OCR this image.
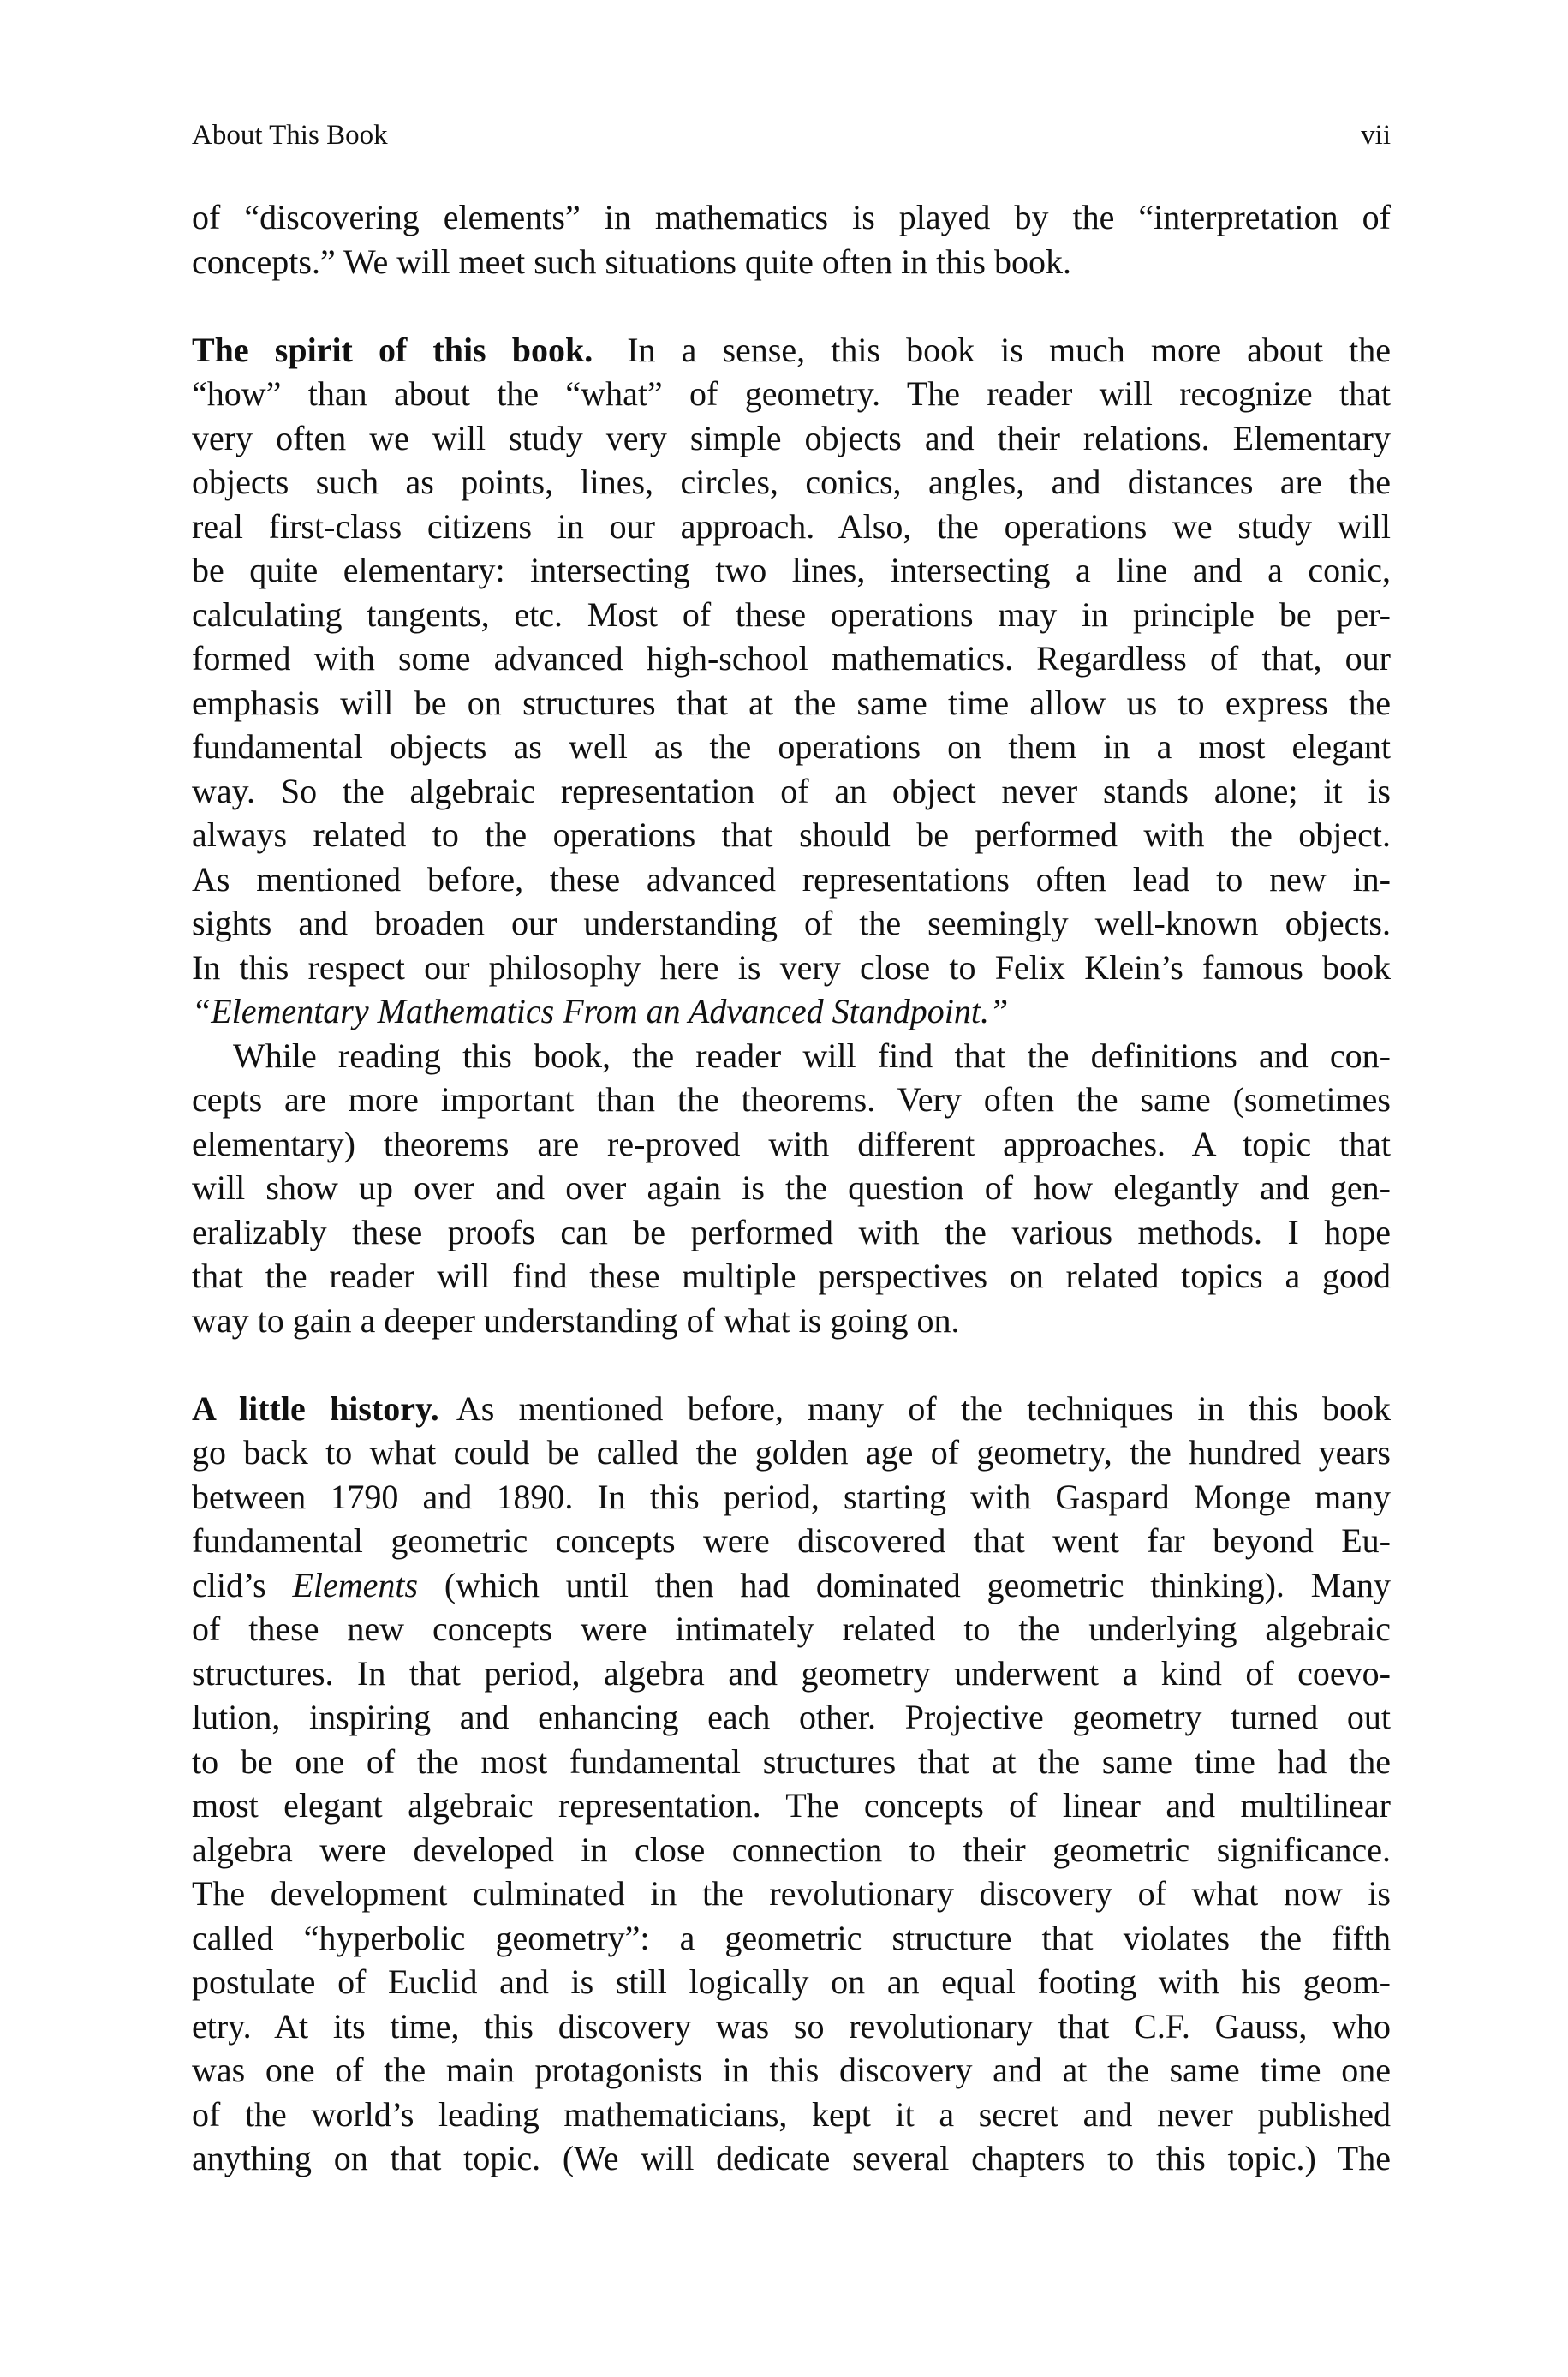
About This Book	vii
of “discovering elements” in mathematics is played by the “interpretation of
concepts.” We will meet such situations quite often in this book.
The spirit of this book. In a sense, this book is much more about the
“how” than about the “what” of geometry. The reader will recognize that
very often we will study very simple objects and their relations. Elementary
objects such as points, lines, circles, conics, angles, and distances are the
real first-class citizens in our approach. Also, the operations we study will
be quite elementary: intersecting two lines, intersecting a line and a conic,
calculating tangents, etc. Most of these operations may in principle be per-
formed with some advanced high-school mathematics. Regardless of that, our
emphasis will be on structures that at the same time allow us to express the
fundamental objects as well as the operations on them in a most elegant
way. So the algebraic representation of an object never stands alone; it is
always related to the operations that should be performed with the object.
As mentioned before, these advanced representations often lead to new in-
sights and broaden our understanding of the seemingly well-known objects.
In this respect our philosophy here is very close to Felix Klein’s famous book
“Elementary Mathematics From an Advanced Standpoint.”
While reading this book, the reader will find that the definitions and con-
cepts are more important than the theorems. Very often the same (sometimes
elementary) theorems are re-proved with different approaches. A topic that
will show up over and over again is the question of how elegantly and gen-
eralizably these proofs can be performed with the various methods. I hope
that the reader will find these multiple perspectives on related topics a good
way to gain a deeper understanding of what is going on.
A little history. As mentioned before, many of the techniques in this book
go back to what could be called the golden age of geometry, the hundred years
between 1790 and 1890. In this period, starting with Gaspard Monge many
fundamental geometric concepts were discovered that went far beyond Eu-
clid’s Elements (which until then had dominated geometric thinking). Many
of these new concepts were intimately related to the underlying algebraic
structures. In that period, algebra and geometry underwent a kind of coevo-
lution, inspiring and enhancing each other. Projective geometry turned out
to be one of the most fundamental structures that at the same time had the
most elegant algebraic representation. The concepts of linear and multilinear
algebra were developed in close connection to their geometric significance.
The development culminated in the revolutionary discovery of what now is
called “hyperbolic geometry”: a geometric structure that violates the fifth
postulate of Euclid and is still logically on an equal footing with his geom-
etry. At its time, this discovery was so revolutionary that C.F. Gauss, who
was one of the main protagonists in this discovery and at the same time one
of the world’s leading mathematicians, kept it a secret and never published
anything on that topic. (We will dedicate several chapters to this topic.) The
